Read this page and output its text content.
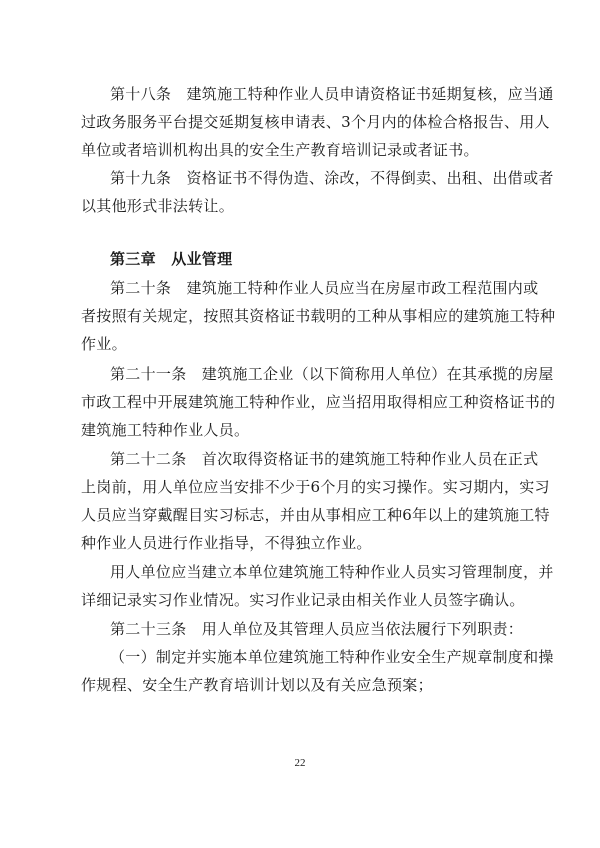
第十八条　建筑施工特种作业人员申请资格证书延期复核，应当通
过政务服务平台提交延期复核申请表、3个月内的体检合格报告、用人
单位或者培训机构出具的安全生产教育培训记录或者证书。
第十九条　资格证书不得伪造、涂改，不得倒卖、出租、出借或者
以其他形式非法转让。
第三章　从业管理
第二十条　建筑施工特种作业人员应当在房屋市政工程范围内或
者按照有关规定，按照其资格证书载明的工种从事相应的建筑施工特种
作业。
第二十一条　建筑施工企业（以下简称用人单位）在其承揽的房屋
市政工程中开展建筑施工特种作业，应当招用取得相应工种资格证书的
建筑施工特种作业人员。
第二十二条　首次取得资格证书的建筑施工特种作业人员在正式
上岗前，用人单位应当安排不少于6个月的实习操作。实习期内，实习
人员应当穿戴醒目实习标志，并由从事相应工种6年以上的建筑施工特
种作业人员进行作业指导，不得独立作业。
用人单位应当建立本单位建筑施工特种作业人员实习管理制度，并
详细记录实习作业情况。实习作业记录由相关作业人员签字确认。
第二十三条　用人单位及其管理人员应当依法履行下列职责：
（一）制定并实施本单位建筑施工特种作业安全生产规章制度和操
作规程、安全生产教育培训计划以及有关应急预案；
22
